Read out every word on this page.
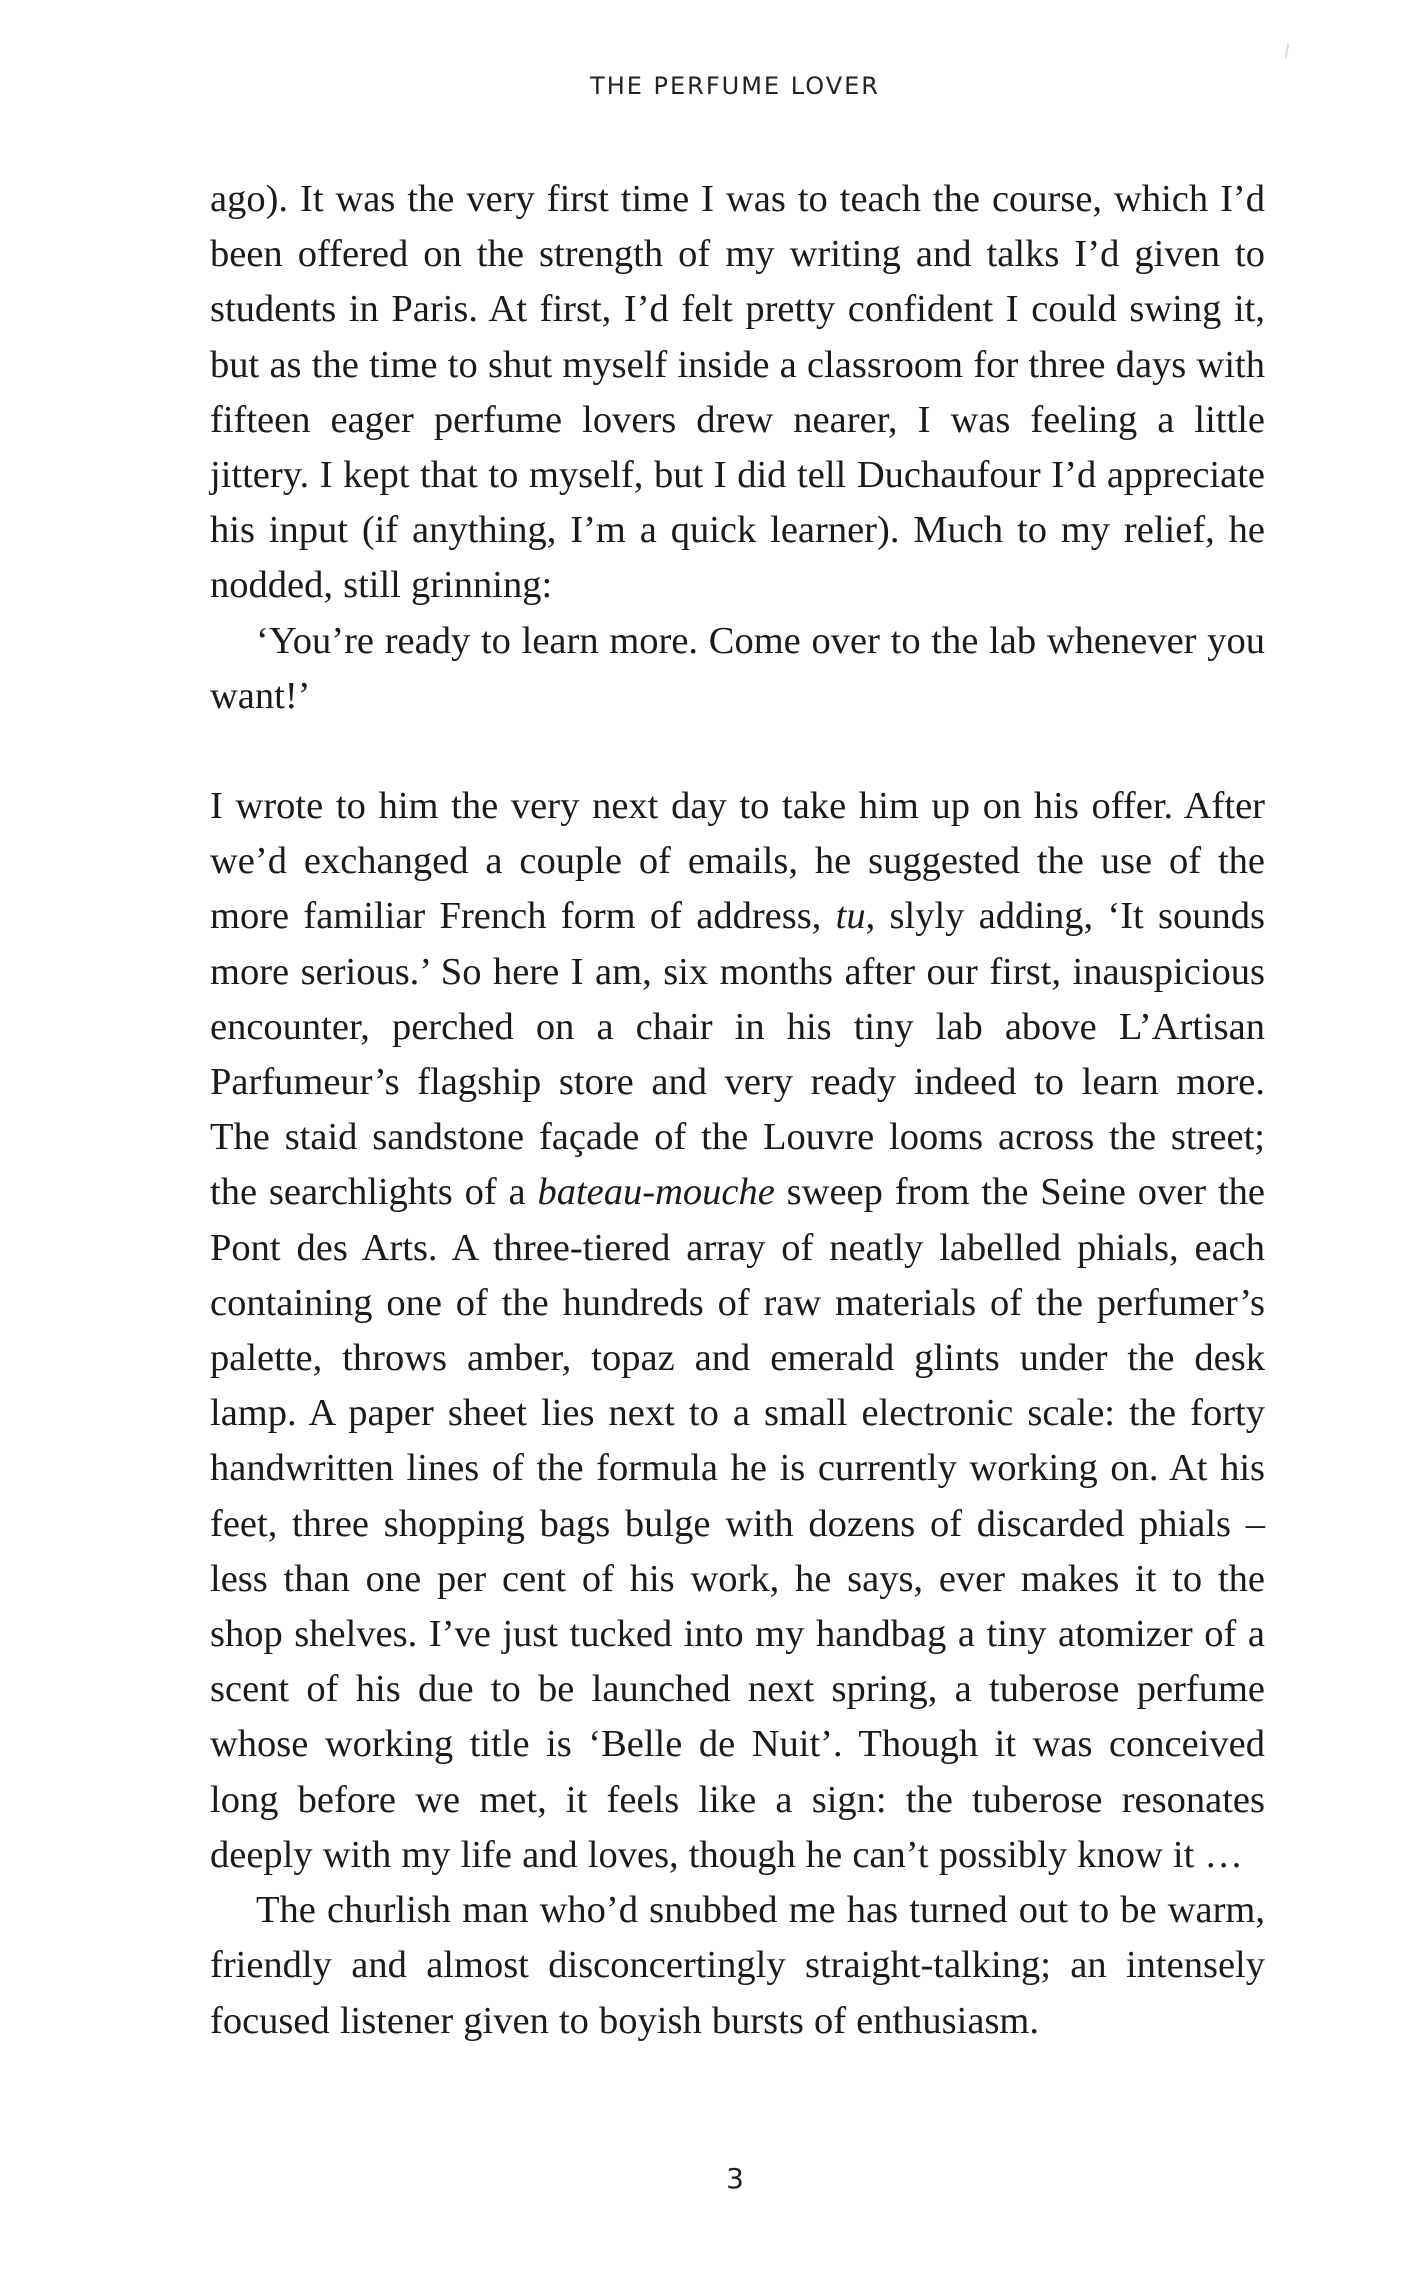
THE PERFUME LOVER

ago). It was the very first time I was to teach the course, which I’d been offered on the strength of my writing and talks I’d given to students in Paris. At first, I’d felt pretty confident I could swing it, but as the time to shut myself inside a classroom for three days with fifteen eager perfume lovers drew nearer, I was feeling a little jittery. I kept that to myself, but I did tell Duchaufour I’d appreciate his input (if anything, I’m a quick learner). Much to my relief, he nodded, still grinning:

‘You’re ready to learn more. Come over to the lab whenever you want!’

I wrote to him the very next day to take him up on his offer. After we’d exchanged a couple of emails, he suggested the use of the more familiar French form of address, tu, slyly adding, ‘It sounds more serious.’ So here I am, six months after our first, inauspicious encounter, perched on a chair in his tiny lab above L’Artisan Parfumeur’s flagship store and very ready indeed to learn more. The staid sandstone façade of the Louvre looms across the street; the searchlights of a bateau-mouche sweep from the Seine over the Pont des Arts. A three-tiered array of neatly labelled phials, each containing one of the hundreds of raw materials of the perfumer’s palette, throws amber, topaz and emerald glints under the desk lamp. A paper sheet lies next to a small electronic scale: the forty handwritten lines of the formula he is currently working on. At his feet, three shopping bags bulge with dozens of discarded phials – less than one per cent of his work, he says, ever makes it to the shop shelves. I’ve just tucked into my handbag a tiny atomizer of a scent of his due to be launched next spring, a tuberose perfume whose working title is ‘Belle de Nuit’. Though it was conceived long before we met, it feels like a sign: the tuberose resonates deeply with my life and loves, though he can’t possibly know it …

The churlish man who’d snubbed me has turned out to be warm, friendly and almost disconcertingly straight-talking; an intensely focused listener given to boyish bursts of enthusiasm.

3
